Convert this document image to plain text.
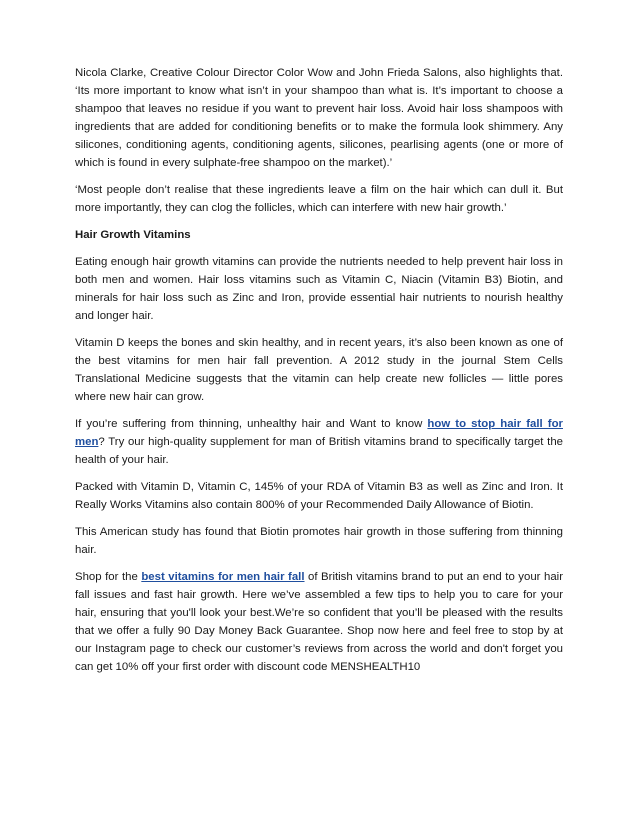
Nicola Clarke, Creative Colour Director Color Wow and John Frieda Salons, also highlights that. ‘Its more important to know what isn’t in your shampoo than what is. It’s important to choose a shampoo that leaves no residue if you want to prevent hair loss. Avoid hair loss shampoos with ingredients that are added for conditioning benefits or to make the formula look shimmery. Any silicones, conditioning agents, conditioning agents, silicones, pearlising agents (one or more of which is found in every sulphate-free shampoo on the market).’

‘Most people don’t realise that these ingredients leave a film on the hair which can dull it. But more importantly, they can clog the follicles, which can interfere with new hair growth.’

Hair Growth Vitamins

Eating enough hair growth vitamins can provide the nutrients needed to help prevent hair loss in both men and women. Hair loss vitamins such as Vitamin C, Niacin (Vitamin B3) Biotin, and minerals for hair loss such as Zinc and Iron, provide essential hair nutrients to nourish healthy and longer hair.

Vitamin D keeps the bones and skin healthy, and in recent years, it’s also been known as one of the best vitamins for men hair fall prevention. A 2012 study in the journal Stem Cells Translational Medicine suggests that the vitamin can help create new follicles — little pores where new hair can grow.

If you’re suffering from thinning, unhealthy hair and Want to know how to stop hair fall for men? Try our high-quality supplement for man of British vitamins brand to specifically target the health of your hair.

Packed with Vitamin D, Vitamin C, 145% of your RDA of Vitamin B3 as well as Zinc and Iron. It Really Works Vitamins also contain 800% of your Recommended Daily Allowance of Biotin.

This American study has found that Biotin promotes hair growth in those suffering from thinning hair.

Shop for the best vitamins for men hair fall of British vitamins brand to put an end to your hair fall issues and fast hair growth. Here we’ve assembled a few tips to help you to care for your hair, ensuring that you'll look your best.We’re so confident that you’ll be pleased with the results that we offer a fully 90 Day Money Back Guarantee. Shop now here and feel free to stop by at our Instagram page to check our customer’s reviews from across the world and don't forget you can get 10% off your first order with discount code MENSHEALTH10
